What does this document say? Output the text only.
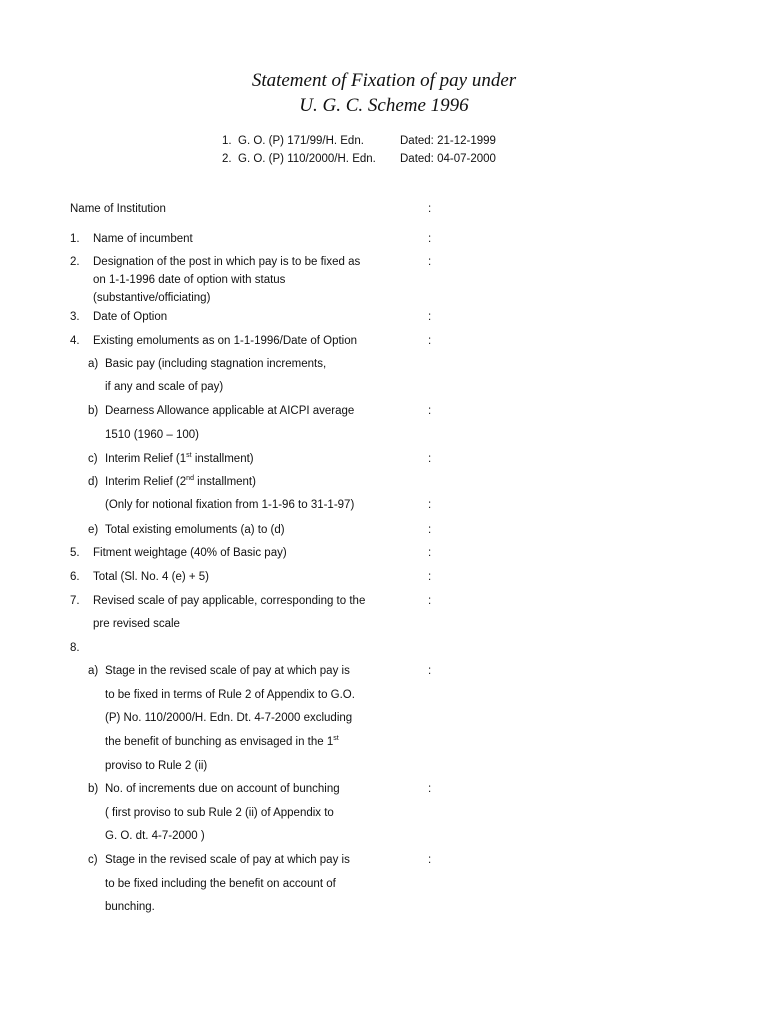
Statement of Fixation of pay under
U. G. C. Scheme 1996
1. G. O. (P) 171/99/H. Edn.	Dated: 21-12-1999
2. G. O. (P) 110/2000/H. Edn. Dated: 04-07-2000
Name of Institution	:
1. Name of incumbent	:
2. Designation of the post in which pay is to be fixed as	:
on 1-1-1996 date of option with status
(substantive/officiating)
3. Date of Option	:
4. Existing emoluments as on 1-1-1996/Date of Option	:
a) Basic pay (including stagnation increments,
if any and scale of pay)
b) Dearness Allowance applicable at AICPI average	:
1510 (1960 – 100)
c) Interim Relief (1st installment)	:
d) Interim Relief (2nd installment)
(Only for notional fixation from 1-1-96 to 31-1-97)	:
e) Total existing emoluments (a) to (d)	:
5. Fitment weightage (40% of Basic pay)	:
6. Total (Sl. No. 4 (e) + 5)	:
7. Revised scale of pay applicable, corresponding to the	:
pre revised scale
8.
a) Stage in the revised scale of pay at which pay is	:
to be fixed in terms of Rule 2 of Appendix to G.O.
(P) No. 110/2000/H. Edn. Dt. 4-7-2000 excluding
the benefit of bunching as envisaged in the 1st
proviso to Rule 2 (ii)
b) No. of increments due on account of bunching	:
( first proviso to sub Rule 2 (ii) of Appendix to
G. O. dt. 4-7-2000 )
c) Stage in the revised scale of pay at which pay is	:
to be fixed including the benefit on account of
bunching.
